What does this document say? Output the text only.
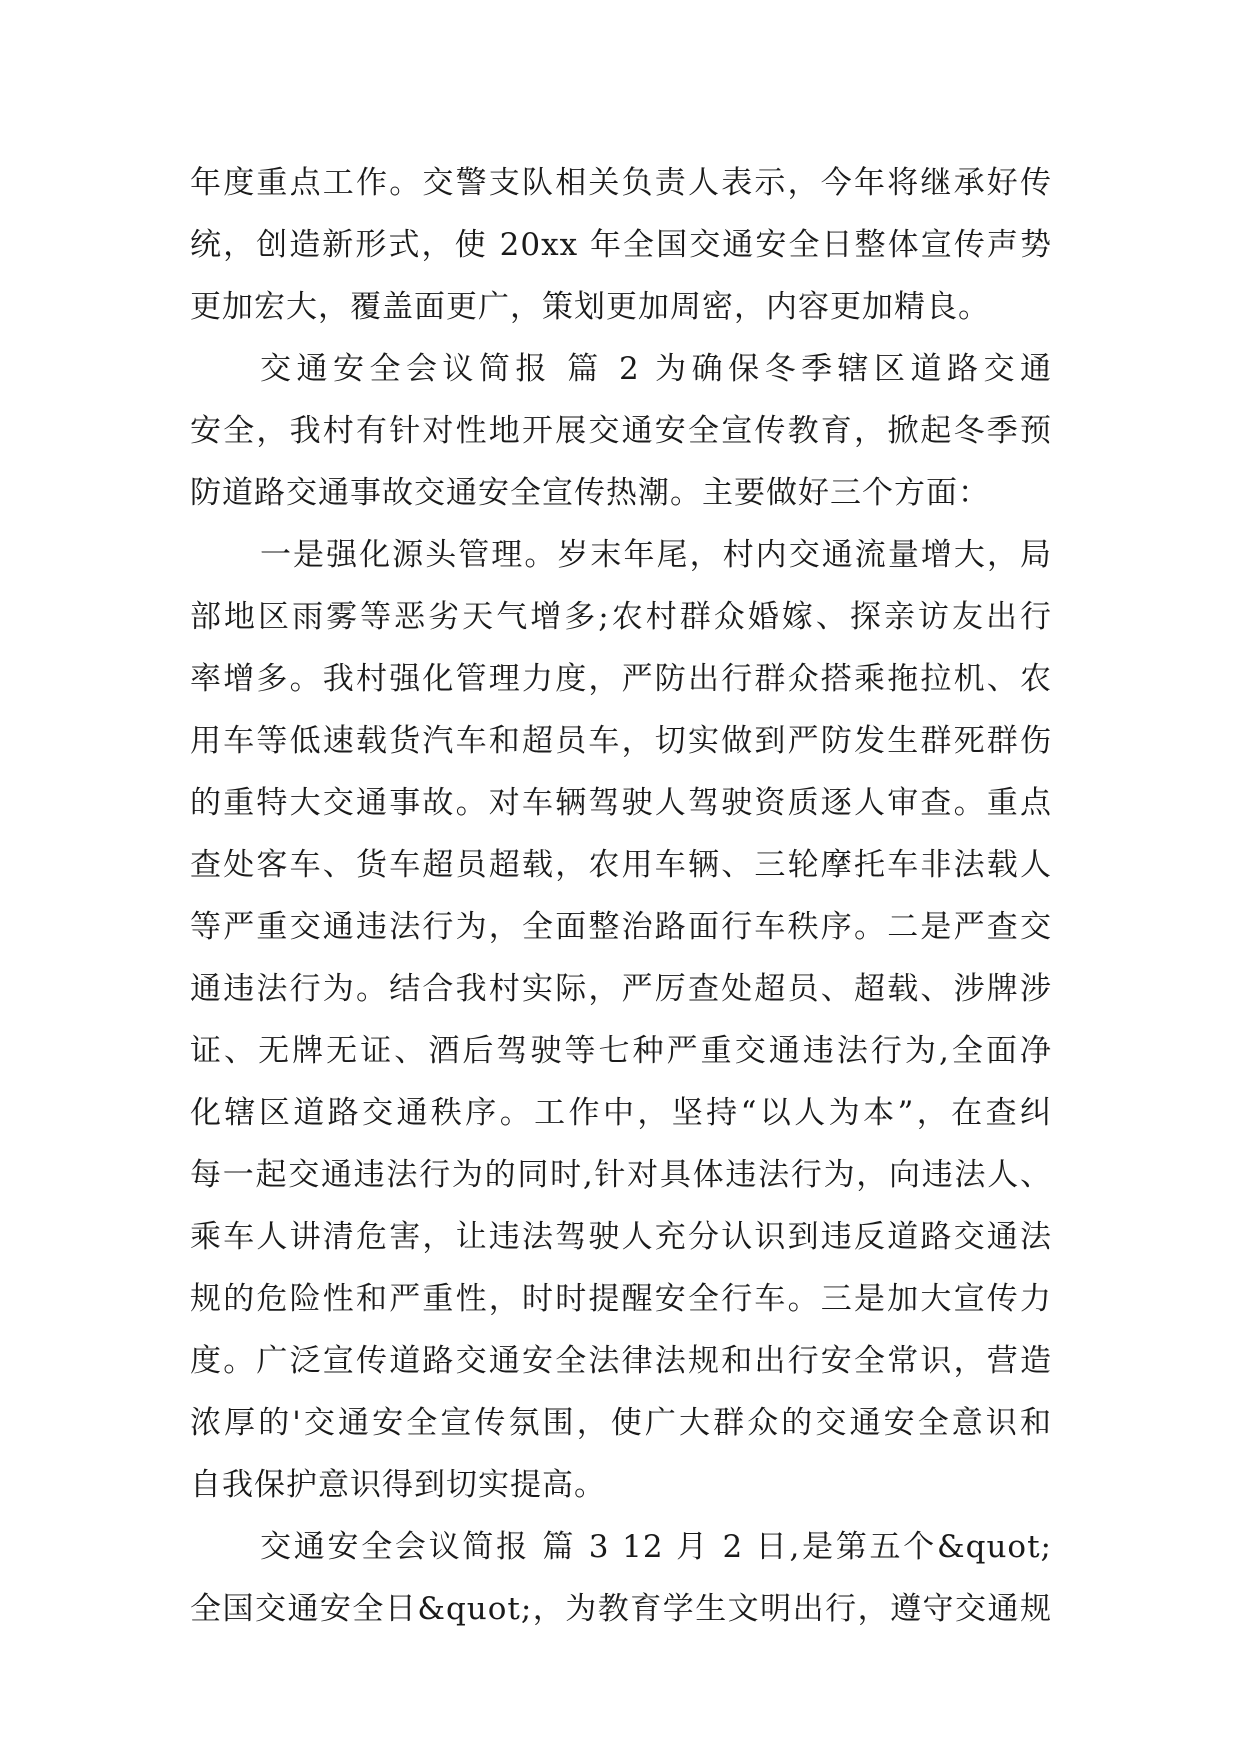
年度重点工作。交警支队相关负责人表示，今年将继承好传
统，创造新形式，使 20xx 年全国交通安全日整体宣传声势
更加宏大，覆盖面更广，策划更加周密，内容更加精良。
交通安全会议简报 篇 2 为确保冬季辖区道路交通
安全，我村有针对性地开展交通安全宣传教育，掀起冬季预
防道路交通事故交通安全宣传热潮。主要做好三个方面：
一是强化源头管理。岁末年尾，村内交通流量增大，局
部地区雨雾等恶劣天气增多;农村群众婚嫁、探亲访友出行
率增多。我村强化管理力度，严防出行群众搭乘拖拉机、农
用车等低速载货汽车和超员车，切实做到严防发生群死群伤
的重特大交通事故。对车辆驾驶人驾驶资质逐人审查。重点
查处客车、货车超员超载，农用车辆、三轮摩托车非法载人
等严重交通违法行为，全面整治路面行车秩序。二是严查交
通违法行为。结合我村实际，严厉查处超员、超载、涉牌涉
证、无牌无证、酒后驾驶等七种严重交通违法行为,全面净
化辖区道路交通秩序。工作中，坚持“以人为本”，在查纠
每一起交通违法行为的同时,针对具体违法行为，向违法人、
乘车人讲清危害，让违法驾驶人充分认识到违反道路交通法
规的危险性和严重性，时时提醒安全行车。三是加大宣传力
度。广泛宣传道路交通安全法律法规和出行安全常识，营造
浓厚的'交通安全宣传氛围，使广大群众的交通安全意识和
自我保护意识得到切实提高。
交通安全会议简报 篇 3 12 月 2 日,是第五个&quot;
全国交通安全日&quot;，为教育学生文明出行，遵守交通规
